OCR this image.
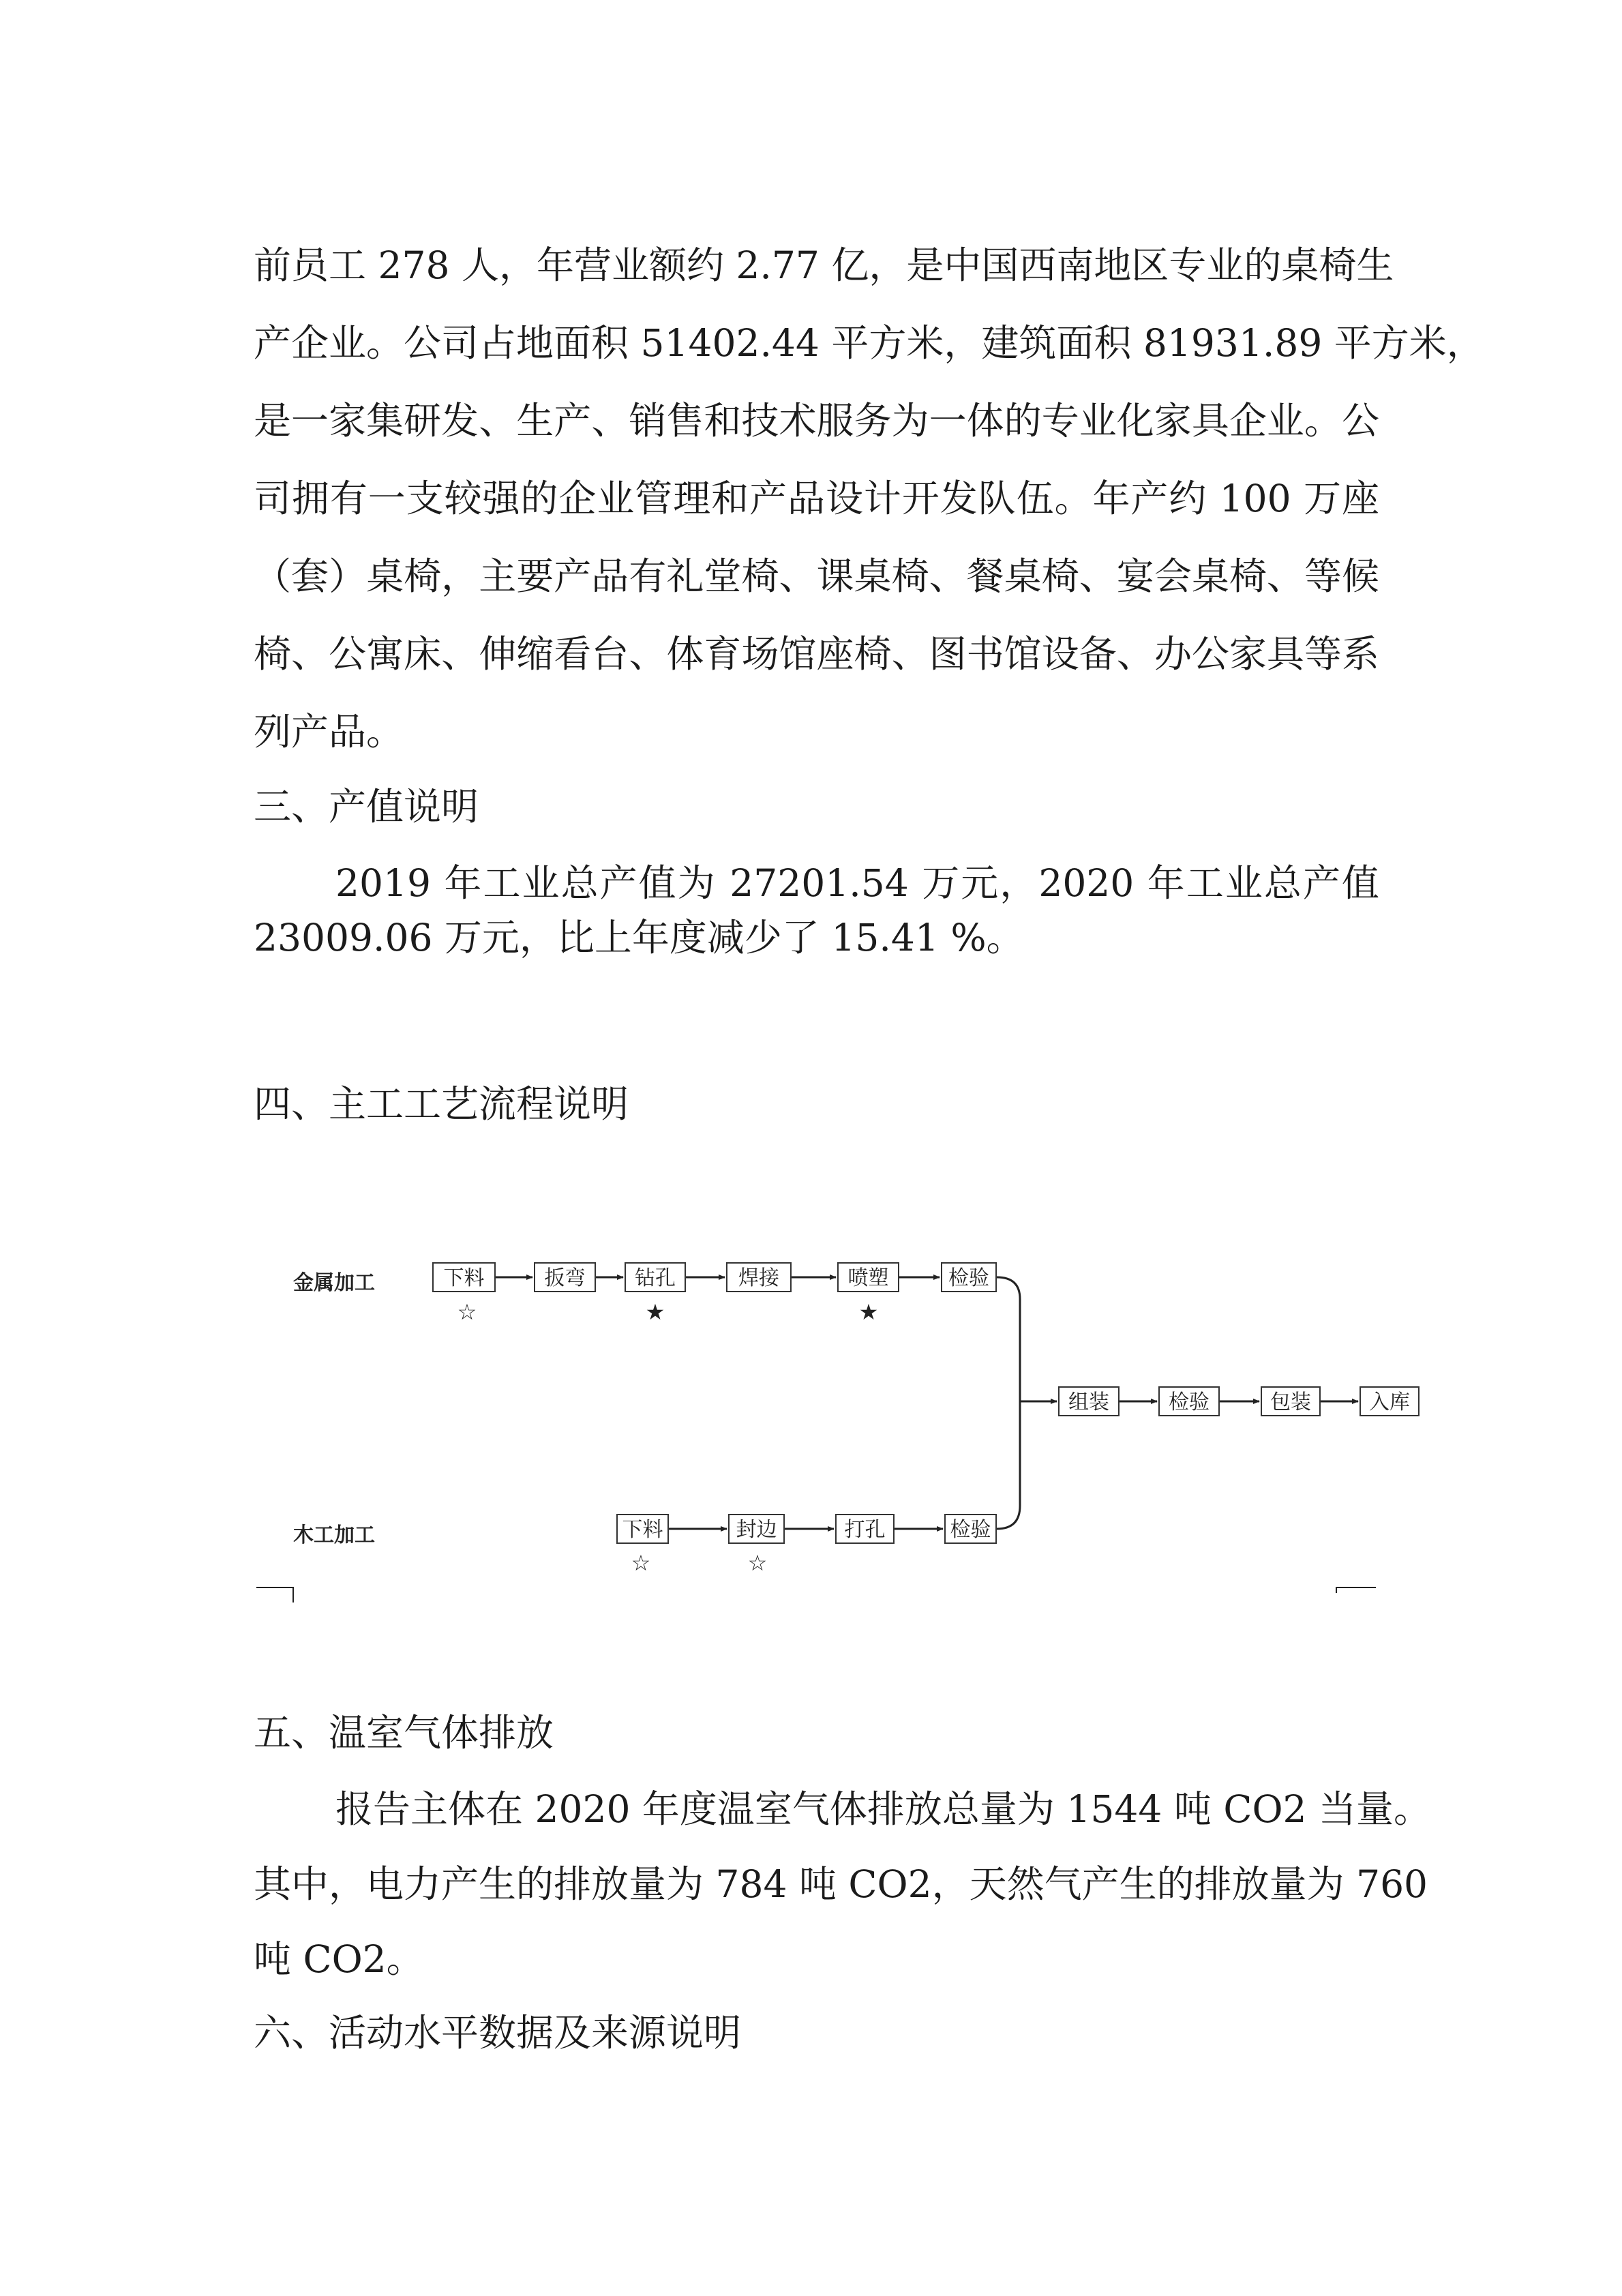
前员工 278 人，年营业额约 2.77 亿，是中国西南地区专业的桌椅生
产企业。公司占地面积 51402.44 平方米，建筑面积 81931.89 平方米，
是一家集研发、生产、销售和技术服务为一体的专业化家具企业。公
司拥有一支较强的企业管理和产品设计开发队伍。年产约 100 万座
（套）桌椅，主要产品有礼堂椅、课桌椅、餐桌椅、宴会桌椅、等候
椅、公寓床、伸缩看台、体育场馆座椅、图书馆设备、办公家具等系
列产品。
三、产值说明
2019 年工业总产值为 27201.54 万元，2020 年工业总产值
23009.06 万元，比上年度减少了 15.41 %。
四、主工工艺流程说明
金属加工
木工加工
下料	扳弯	钻孔	焊接	喷塑	检验
☆	★	★
组装	检验	包装	入库
下料	封边	打孔	检验
☆	☆
五、温室气体排放
报告主体在 2020 年度温室气体排放总量为 1544 吨 CO2 当量。
其中，电力产生的排放量为 784 吨 CO2，天然气产生的排放量为 760
吨 CO2。
六、活动水平数据及来源说明
